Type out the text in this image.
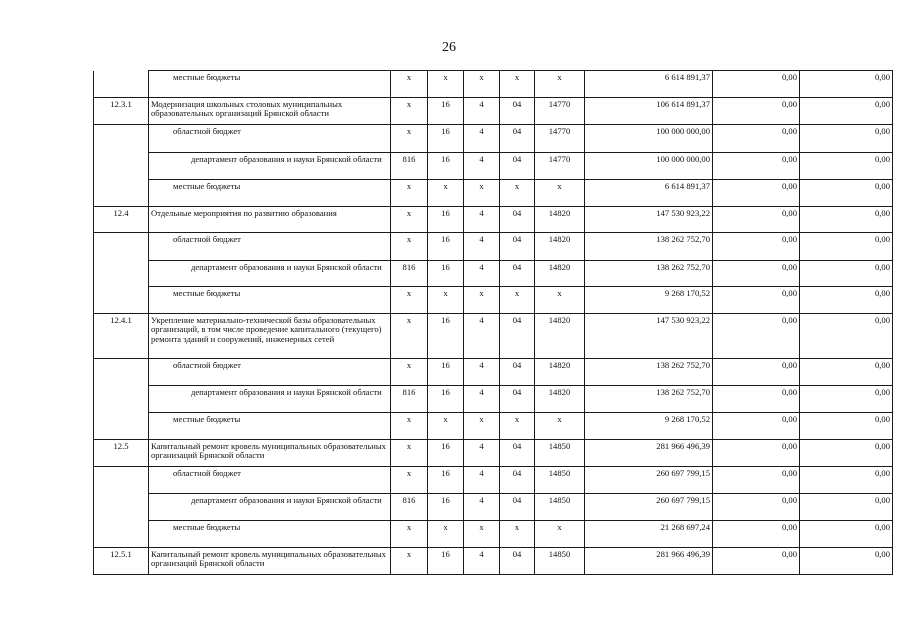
26
	местные бюджеты	х	х	х	х	х	6 614 891,37	0,00	0,00
12.3.1	Модернизация школьных столовых муниципальных образовательных организаций Брянской области	х	16	4	04	14770	106 614 891,37	0,00	0,00
	областной бюджет	х	16	4	04	14770	100 000 000,00	0,00	0,00
	департамент образования и науки Брянской области	816	16	4	04	14770	100 000 000,00	0,00	0,00
	местные бюджеты	х	х	х	х	х	6 614 891,37	0,00	0,00
12.4	Отдельные мероприятия по развитию образования	х	16	4	04	14820	147 530 923,22	0,00	0,00
	областной бюджет	х	16	4	04	14820	138 262 752,70	0,00	0,00
	департамент образования и науки Брянской области	816	16	4	04	14820	138 262 752,70	0,00	0,00
	местные бюджеты	х	х	х	х	х	9 268 170,52	0,00	0,00
12.4.1	Укрепление материально-технической базы образовательных организаций, в том числе проведение капитального (текущего) ремонта зданий и сооружений, инженерных сетей	х	16	4	04	14820	147 530 923,22	0,00	0,00
	областной бюджет	х	16	4	04	14820	138 262 752,70	0,00	0,00
	департамент образования и науки Брянской области	816	16	4	04	14820	138 262 752,70	0,00	0,00
	местные бюджеты	х	х	х	х	х	9 268 170,52	0,00	0,00
12.5	Капитальный ремонт кровель муниципальных образовательных организаций Брянской области	х	16	4	04	14850	281 966 496,39	0,00	0,00
	областной бюджет	х	16	4	04	14850	260 697 799,15	0,00	0,00
	департамент образования и науки Брянской области	816	16	4	04	14850	260 697 799,15	0,00	0,00
	местные бюджеты	х	х	х	х	х	21 268 697,24	0,00	0,00
12.5.1	Капитальный ремонт кровель муниципальных образовательных организаций Брянской области	х	16	4	04	14850	281 966 496,39	0,00	0,00
